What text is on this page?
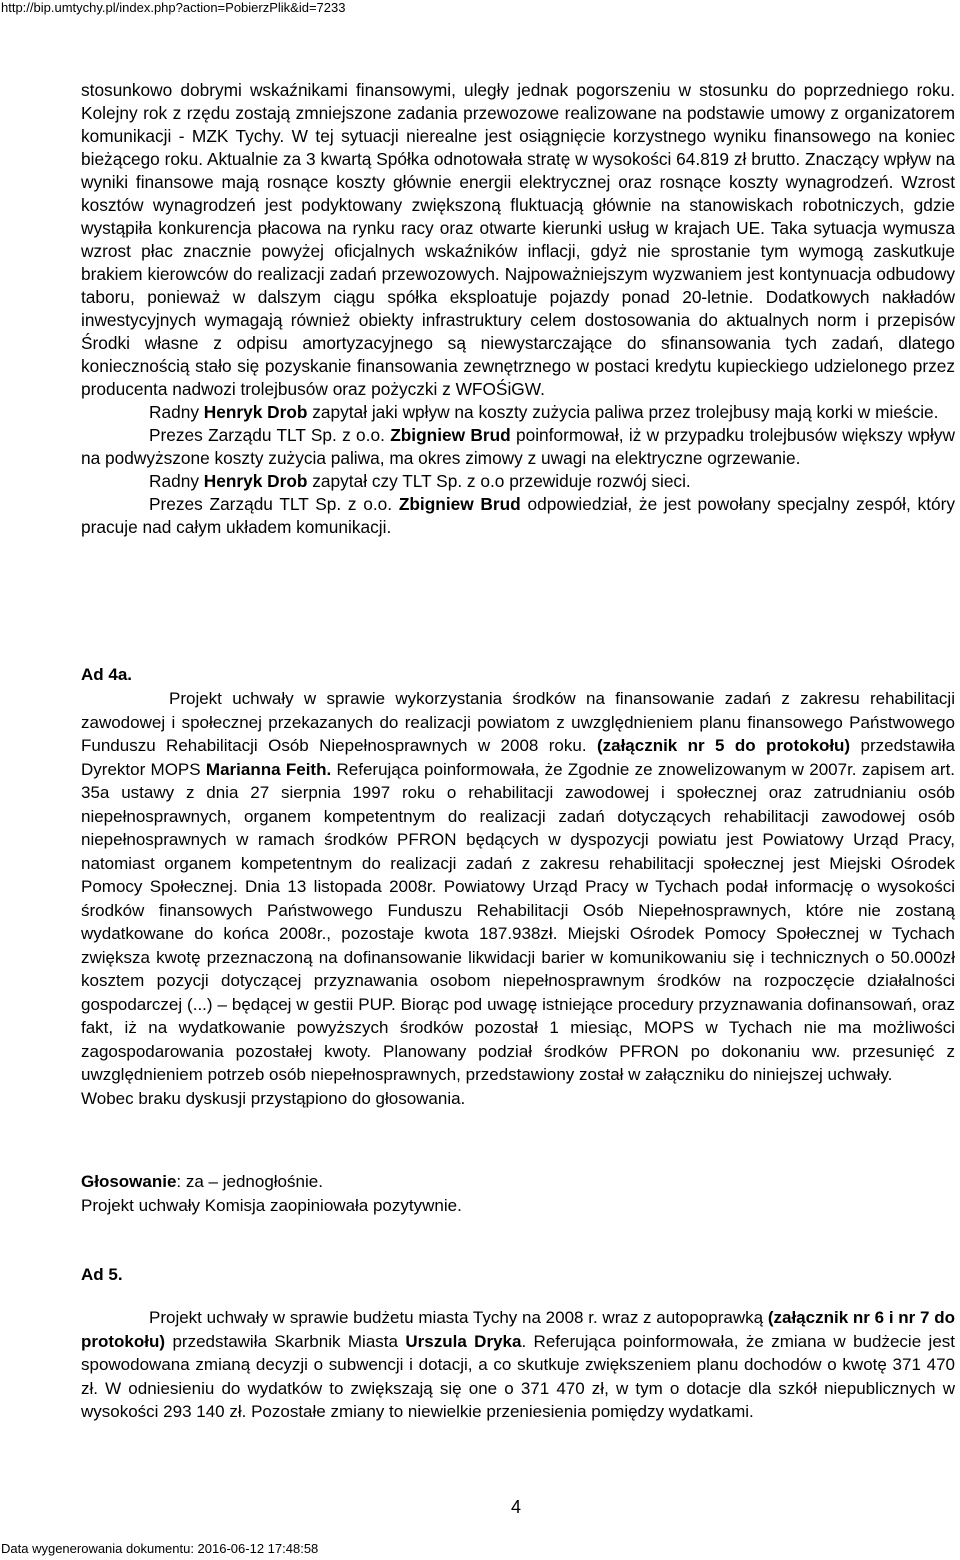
http://bip.umtychy.pl/index.php?action=PobierzPlik&id=7233

stosunkowo dobrymi wskaźnikami finansowymi, uległy jednak pogorszeniu w stosunku do poprzedniego roku. Kolejny rok z rzędu zostają zmniejszone zadania przewozowe realizowane na podstawie umowy z organizatorem komunikacji - MZK Tychy. W tej sytuacji nierealne jest osiągnięcie korzystnego wyniku finansowego na koniec bieżącego roku. Aktualnie za 3 kwartą Spółka odnotowała stratę w wysokości 64.819 zł brutto. Znaczący wpływ na wyniki finansowe mają rosnące koszty głównie energii elektrycznej oraz rosnące koszty wynagrodzeń. Wzrost kosztów wynagrodzeń jest podyktowany zwiększoną fluktuacją głównie na stanowiskach robotniczych, gdzie wystąpiła konkurencja płacowa na rynku racy oraz otwarte kierunki usług w krajach UE. Taka sytuacja wymusza wzrost płac znacznie powyżej oficjalnych wskaźników inflacji, gdyż nie sprostanie tym wymogą zaskutkuje brakiem kierowców do realizacji zadań przewozowych. Najpoważniejszym wyzwaniem jest kontynuacja odbudowy taboru, ponieważ w dalszym ciągu spółka eksploatuje pojazdy ponad 20-letnie. Dodatkowych nakładów inwestycyjnych wymagają również obiekty infrastruktury celem dostosowania do aktualnych norm i przepisów Środki własne z odpisu amortyzacyjnego są niewystarczające do sfinansowania tych zadań, dlatego koniecznością stało się pozyskanie finansowania zewnętrznego w postaci kredytu kupieckiego udzielonego przez producenta nadwozi trolejbusów oraz pożyczki z WFOŚiGW.

Radny Henryk Drob zapytał jaki wpływ na koszty zużycia paliwa przez trolejbusy mają korki w mieście.

Prezes Zarządu TLT Sp. z o.o. Zbigniew Brud poinformował, iż w przypadku trolejbusów większy wpływ na podwyższone koszty zużycia paliwa, ma okres zimowy z uwagi na elektryczne ogrzewanie.

Radny Henryk Drob zapytał czy TLT Sp. z o.o przewiduje rozwój sieci.

Prezes Zarządu TLT Sp. z o.o. Zbigniew Brud odpowiedział, że jest powołany specjalny zespół, który pracuje nad całym układem komunikacji.

Ad 4a.

Projekt uchwały w sprawie wykorzystania środków na finansowanie zadań z zakresu rehabilitacji zawodowej i społecznej przekazanych do realizacji powiatom z uwzględnieniem planu finansowego Państwowego Funduszu Rehabilitacji Osób Niepełnosprawnych w 2008 roku. (załącznik nr 5 do protokołu) przedstawiła Dyrektor MOPS Marianna Feith. Referująca poinformowała, że Zgodnie ze znowelizowanym w 2007r. zapisem art. 35a ustawy z dnia 27 sierpnia 1997 roku o rehabilitacji zawodowej i społecznej oraz zatrudnianiu osób niepełnosprawnych, organem kompetentnym do realizacji zadań dotyczących rehabilitacji zawodowej osób niepełnosprawnych w ramach środków PFRON będących w dyspozycji powiatu jest Powiatowy Urząd Pracy, natomiast organem kompetentnym do realizacji zadań z zakresu rehabilitacji społecznej jest Miejski Ośrodek Pomocy Społecznej. Dnia 13 listopada 2008r. Powiatowy Urząd Pracy w Tychach podał informację o wysokości środków finansowych Państwowego Funduszu Rehabilitacji Osób Niepełnosprawnych, które nie zostaną wydatkowane do końca 2008r., pozostaje kwota 187.938zł. Miejski Ośrodek Pomocy Społecznej w Tychach zwiększa kwotę przeznaczoną na dofinansowanie likwidacji barier w komunikowaniu się i technicznych o 50.000zł kosztem pozycji dotyczącej przyznawania osobom niepełnosprawnym środków na rozpoczęcie działalności gospodarczej (...) – będącej w gestii PUP. Biorąc pod uwagę istniejące procedury przyznawania dofinansowań, oraz fakt, iż na wydatkowanie powyższych środków pozostał 1 miesiąc, MOPS w Tychach nie ma możliwości zagospodarowania pozostałej kwoty. Planowany podział środków PFRON po dokonaniu ww. przesunięć z uwzględnieniem potrzeb osób niepełnosprawnych, przedstawiony został w załączniku do niniejszej uchwały.

Wobec braku dyskusji przystąpiono do głosowania.

Głosowanie: za – jednogłośnie.
Projekt uchwały Komisja zaopiniowała pozytywnie.
Ad 5.

Projekt uchwały w sprawie budżetu miasta Tychy na 2008 r. wraz z autopoprawką (załącznik nr 6 i nr 7 do protokołu) przedstawiła Skarbnik Miasta Urszula Dryka. Referująca poinformowała, że zmiana w budżecie jest spowodowana zmianą decyzji o subwencji i dotacji, a co skutkuje zwiększeniem planu dochodów o kwotę 371 470 zł. W odniesieniu do wydatków to zwiększają się one o 371 470 zł, w tym o dotacje dla szkół niepublicznych w wysokości 293 140 zł. Pozostałe zmiany to niewielkie przeniesienia pomiędzy wydatkami.

4
Data wygenerowania dokumentu: 2016-06-12 17:48:58
